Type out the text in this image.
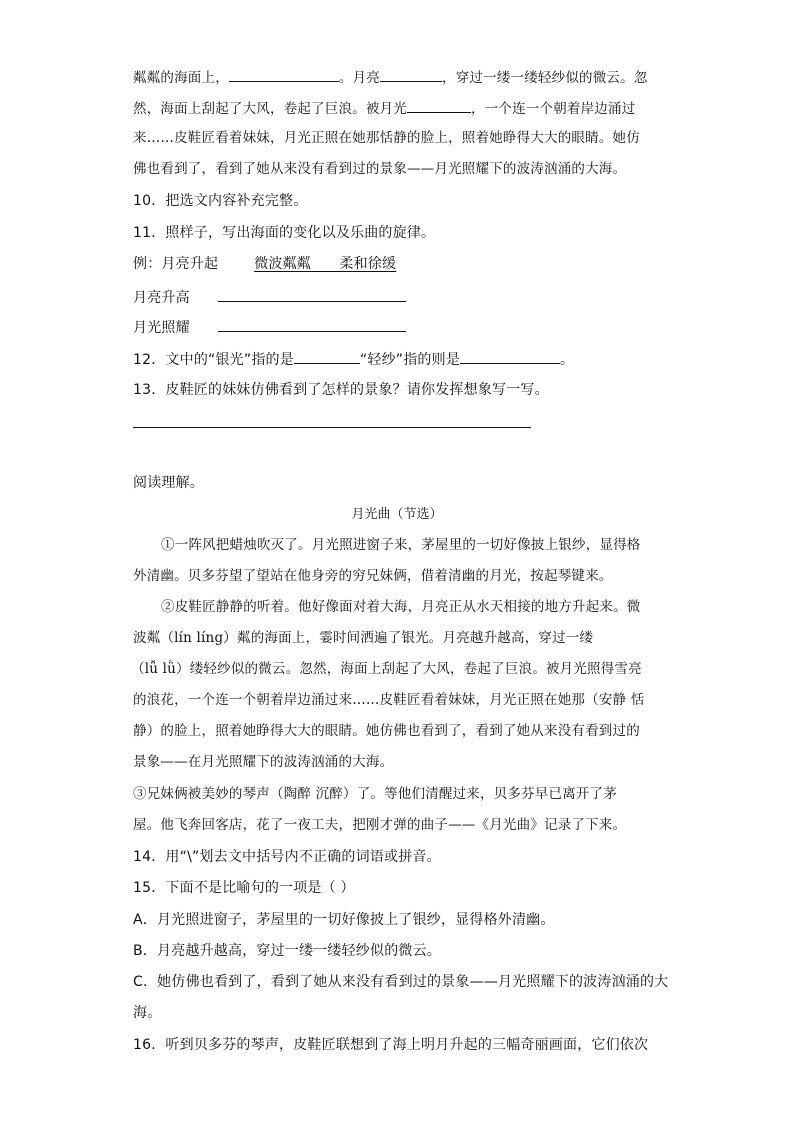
粼粼的海面上，	。月亮	，穿过一缕一缕轻纱似的微云。忽
然，海面上刮起了大风，卷起了巨浪。被月光	，一个连一个朝着岸边涌过
来……皮鞋匠看着妹妹，月光正照在她那恬静的脸上，照着她睁得大大的眼睛。她仿
佛也看到了，看到了她从来没有看到过的景象——月光照耀下的波涛汹涌的大海。
10．把选文内容补充完整。
11．照样子，写出海面的变化以及乐曲的旋律。
例：月亮升起	微波粼粼   柔和徐缓
月亮升高
月光照耀
12．文中的“银光”指的是	“轻纱”指的则是	。
13．皮鞋匠的妹妹仿佛看到了怎样的景象？请你发挥想象写一写。
阅读理解。
月光曲（节选）
①一阵风把蜡烛吹灭了。月光照进窗子来，茅屋里的一切好像披上银纱，显得格
外清幽。贝多芬望了望站在他身旁的穷兄妹俩，借着清幽的月光，按起琴键来。
②皮鞋匠静静的听着。他好像面对着大海，月亮正从水天相接的地方升起来。微
波粼（lín líng）粼的海面上，霎时间洒遍了银光。月亮越升越高，穿过一缕
（lǚ lǜ）缕轻纱似的微云。忽然，海面上刮起了大风，卷起了巨浪。被月光照得雪亮
的浪花，一个连一个朝着岸边涌过来……皮鞋匠看着妹妹，月光正照在她那（安静 恬
静）的脸上，照着她睁得大大的眼睛。她仿佛也看到了，看到了她从来没有看到过的
景象——在月光照耀下的波涛汹涌的大海。
③兄妹俩被美妙的琴声（陶醉 沉醉）了。等他们清醒过来，贝多芬早已离开了茅
屋。他飞奔回客店，花了一夜工夫，把刚才弹的曲子——《月光曲》记录了下来。
14．用“\”划去文中括号内不正确的词语或拼音。
15．下面不是比喻句的一项是（ ）
A．月光照进窗子，茅屋里的一切好像披上了银纱，显得格外清幽。
B．月亮越升越高，穿过一缕一缕轻纱似的微云。
C．她仿佛也看到了，看到了她从来没有看到过的景象——月光照耀下的波涛汹涌的大
海。
16．听到贝多芬的琴声，皮鞋匠联想到了海上明月升起的三幅奇丽画面，它们依次
